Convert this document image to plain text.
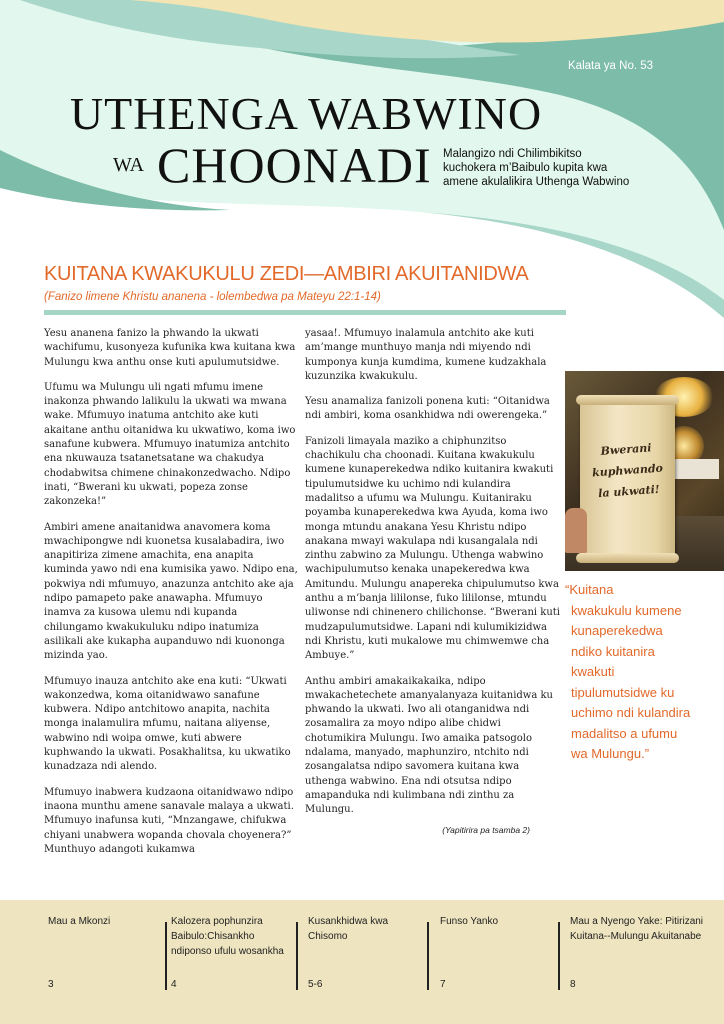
Kalata ya No. 53
UTHENGA WABWINO
WA CHOONADI Malangizo ndi Chilimbikitso
kuchokera m’Baibulo kupita kwa
amene akulalikira Uthenga Wabwino
KUITANA KWAKUKULU ZEDI—AMBIRI AKUITANIDWA
(Fanizo limene Khristu ananena - lolembedwa pa Mateyu 22:1-14)

Yesu ananena fanizo la phwando la ukwati wachifumu, kusonyeza kufunika kwa kuitana kwa Mulungu kwa anthu onse kuti apulumutsidwe.

Ufumu wa Mulungu uli ngati mfumu imene inakonza phwando lalikulu la ukwati wa mwana wake. Mfumuyo inatuma antchito ake kuti akaitane anthu oitanidwa ku ukwatiwo, koma iwo sanafune kubwera. Mfumuyo inatumiza antchito ena nkuwauza tsatanetsatane wa chakudya chodabwitsa chimene chinakonzedwacho. Ndipo inati, “Bwerani ku ukwati, popeza zonse zakonzeka!”

Ambiri amene anaitanidwa anavomera koma mwachipongwe ndi kuonetsa kusalabadira, iwo anapitiriza zimene amachita, ena anapita kuminda yawo ndi ena kumisika yawo. Ndipo ena, pokwiya ndi mfumuyo, anazunza antchito ake aja ndipo pamapeto pake anawapha. Mfumuyo inamva za kusowa ulemu ndi kupanda chilungamo kwakukuluku ndipo inatumiza asilikali ake kukapha aupanduwo ndi kuononga mizinda yao.

Mfumuyo inauza antchito ake ena kuti: “Ukwati wakonzedwa, koma oitanidwawo sanafune kubwera. Ndipo antchitowo anapita, nachita monga inalamulira mfumu, naitana aliyense, wabwino ndi woipa omwe, kuti abwere kuphwando la ukwati. Posakhalitsa, ku ukwatiko kunadzaza ndi alendo.

Mfumuyo inabwera kudzaona oitanidwawo ndipo inaona munthu amene sanavale malaya a ukwati. Mfumuyo inafunsa kuti, “Mnzangawe, chifukwa chiyani unabwera wopanda chovala choyenera?” Munthuyo adangoti kukamwa

yasaa!. Mfumuyo inalamula antchito ake kuti am’mange munthuyo manja ndi miyendo ndi kumponya kunja kumdima, kumene kudzakhala kuzunzika kwakukulu.

Yesu anamaliza fanizoli ponena kuti: “Oitanidwa ndi ambiri, koma osankhidwa ndi owerengeka.”

Fanizoli limayala maziko a chiphunzitso chachikulu cha choonadi. Kuitana kwakukulu kumene kunaperekedwa ndiko kuitanira kwakuti tipulumutsidwe ku uchimo ndi kulandira madalitso a ufumu wa Mulungu. Kuitaniraku poyamba kunaperekedwa kwa Ayuda, koma iwo monga mtundu anakana Yesu Khristu ndipo anakana mwayi wakulapa ndi kusangalala ndi zinthu zabwino za Mulungu. Uthenga wabwino wachipulumutso kenaka unapekeredwa kwa Amitundu. Mulungu anapereka chipulumutso kwa anthu a m’banja lililonse, fuko lililonse, mtundu uliwonse ndi chinenero chilichonse. “Bwerani kuti mudzapulumutsidwe. Lapani ndi kulumikizidwa ndi Khristu, kuti mukalowe mu chimwemwe cha Ambuye.”

Anthu ambiri amakaikakaika, ndipo mwakachetechete amanyalanyaza kuitanidwa ku phwando la ukwati. Iwo ali otanganidwa ndi zosamalira za moyo ndipo alibe chidwi chotumikira Mulungu. Iwo amaika patsogolo ndalama, manyado, maphunziro, ntchito ndi zosangalatsa ndipo savomera kuitana kwa uthenga wabwino. Ena ndi otsutsa ndipo amapanduka ndi kulimbana ndi zinthu za Mulungu.

(Yapitirira pa tsamba 2)

Bwerani
kuphwando
la ukwati!
“Kuitana
kwakukulu kumene
kunaperekedwa
ndiko kuitanira
kwakuti
tipulumutsidwe ku
uchimo ndi kulandira
madalitso a ufumu
wa Mulungu.”
Mau a Mkonzi
3
Kalozera pophunzira Baibulo:Chisankho ndiponso ufulu wosankha
4
Kusankhidwa kwa Chisomo
5-6
Funso Yanko
7
Mau a Nyengo Yake: Pitirizani Kuitana--Mulungu Akuitanabe
8
